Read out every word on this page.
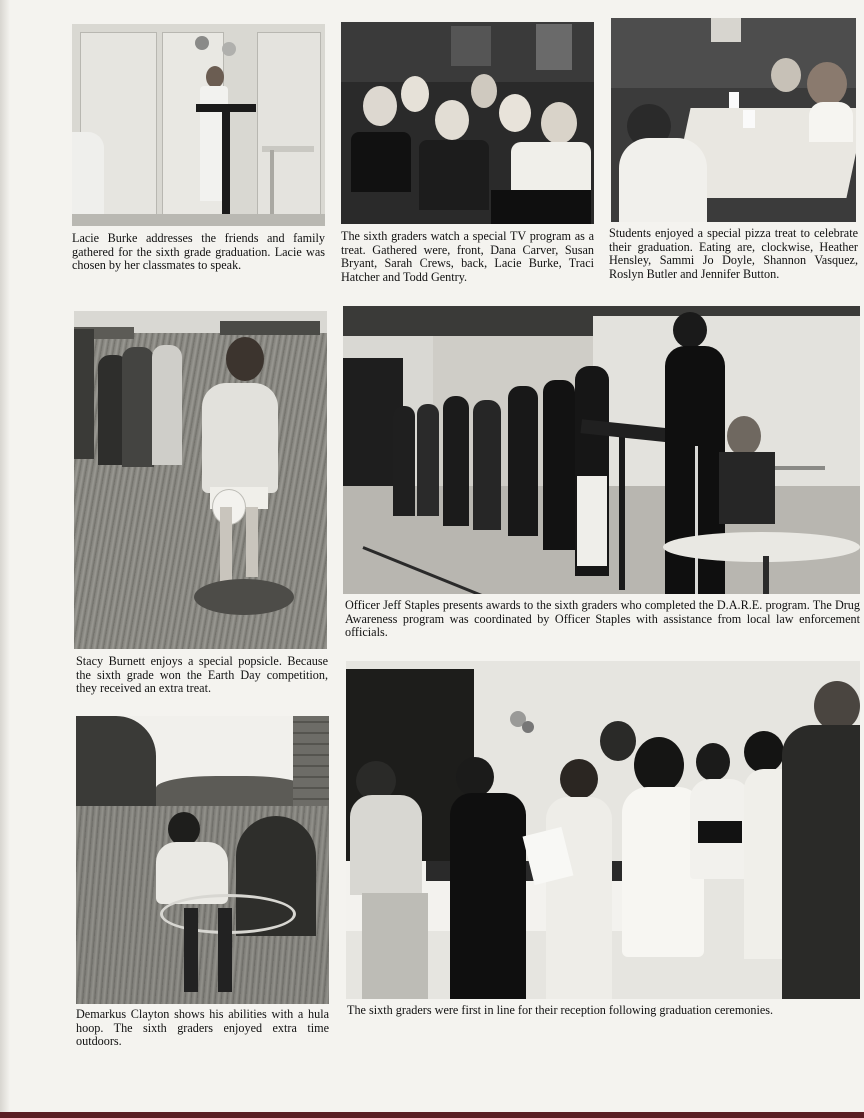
Lacie Burke addresses the friends and family gathered for the sixth grade graduation. Lacie was chosen by her classmates to speak.

The sixth graders watch a special TV program as a treat. Gathered were, front, Dana Carver, Susan Bryant, Sarah Crews, back, Lacie Burke, Traci Hatcher and Todd Gentry.

Students enjoyed a special pizza treat to celebrate their graduation. Eating are, clockwise, Heather Hensley, Sammi Jo Doyle, Shannon Vasquez, Roslyn Butler and Jennifer Button.

Stacy Burnett enjoys a special popsicle. Because the sixth grade won the Earth Day competition, they received an extra treat.

Officer Jeff Staples presents awards to the sixth graders who completed the D.A.R.E. program. The Drug Awareness program was coordinated by Officer Staples with assistance from local law enforcement officials.

Demarkus Clayton shows his abilities with a hula hoop. The sixth graders enjoyed extra time outdoors.

The sixth graders were first in line for their reception following graduation ceremonies.
